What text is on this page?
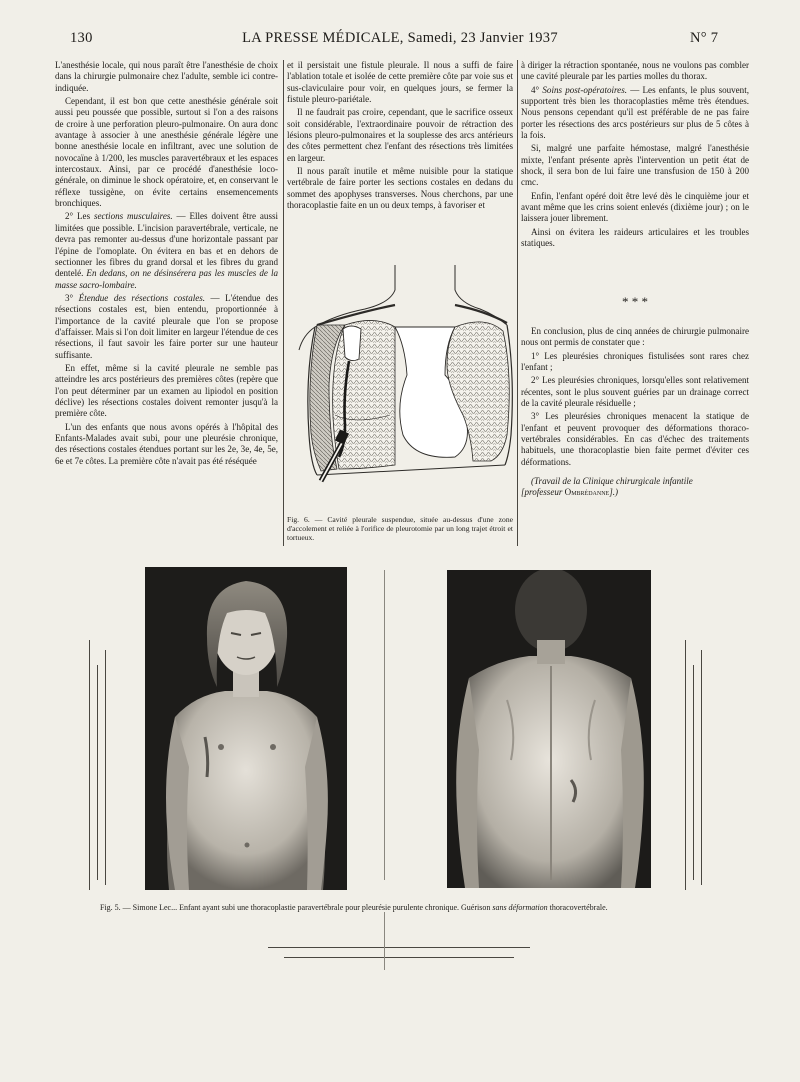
130	LA PRESSE MÉDICALE, Samedi, 23 Janvier 1937	N° 7

L'anesthésie locale, qui nous paraît être l'anesthésie de choix dans la chirurgie pulmonaire chez l'adulte, semble ici contre-indiquée.

Cependant, il est bon que cette anesthésie générale soit aussi peu poussée que possible, surtout si l'on a des raisons de croire à une perforation pleuro-pulmonaire. On aura donc avantage à associer à une anesthésie générale légère une bonne anesthésie locale en infiltrant, avec une solution de novocaïne à 1/200, les muscles paravertébraux et les espaces intercostaux. Ainsi, par ce procédé d'anesthésie loco-générale, on diminue le shock opératoire, et, en conservant le réflexe tussigène, on évite certains ensemencements bronchiques.

2° Les sections musculaires. — Elles doivent être aussi limitées que possible. L'incision paravertébrale, verticale, ne devra pas remonter au-dessus d'une horizontale passant par l'épine de l'omoplate. On évitera en bas et en dehors de sectionner les fibres du grand dorsal et les fibres du grand dentelé. En dedans, on ne désinsérera pas les muscles de la masse sacro-lombaire.

3° Étendue des résections costales. — L'étendue des résections costales est, bien entendu, proportionnée à l'importance de la cavité pleurale que l'on se propose d'affaisser. Mais si l'on doit limiter en largeur l'étendue de ces résections, il faut savoir les faire porter sur une hauteur suffisante.

En effet, même si la cavité pleurale ne semble pas atteindre les arcs postérieurs des premières côtes (repère que l'on peut déterminer par un examen au lipiodol en position déclive) les résections costales doivent remonter jusqu'à la première côte.

L'un des enfants que nous avons opérés à l'hôpital des Enfants-Malades avait subi, pour une pleurésie chronique, des résections costales étendues portant sur les 2e, 3e, 4e, 5e, 6e et 7e côtes. La première côte n'avait pas été réséquée

et il persistait une fistule pleurale. Il nous a suffi de faire l'ablation totale et isolée de cette première côte par voie sus et sus-claviculaire pour voir, en quelques jours, se fermer la fistule pleuro-pariétale.

Il ne faudrait pas croire, cependant, que le sacrifice osseux soit considérable, l'extraordinaire pouvoir de rétraction des lésions pleuro-pulmonaires et la souplesse des arcs antérieurs des côtes permettent chez l'enfant des résections très limitées en largeur.

Il nous paraît inutile et même nuisible pour la statique vertébrale de faire porter les sections costales en dedans du sommet des apophyses transverses. Nous cherchons, par une thoracoplastie faite en un ou deux temps, à favoriser et

Fig. 6. — Cavité pleurale suspendue, située au-dessus d'une zone d'accolement et reliée à l'orifice de pleurotomie par un long trajet étroit et tortueux.

à diriger la rétraction spontanée, nous ne voulons pas combler une cavité pleurale par les parties molles du thorax.

4° Soins post-opératoires. — Les enfants, le plus souvent, supportent très bien les thoracoplasties même très étendues. Nous pensons cependant qu'il est préférable de ne pas faire porter les résections des arcs postérieurs sur plus de 5 côtes à la fois.

Si, malgré une parfaite hémostase, malgré l'anesthésie mixte, l'enfant présente après l'intervention un petit état de shock, il sera bon de lui faire une transfusion de 150 à 200 cmc.

Enfin, l'enfant opéré doit être levé dès le cinquième jour et avant même que les crins soient enlevés (dixième jour) ; on le laissera jouer librement.

Ainsi on évitera les raideurs articulaires et les troubles statiques.

* * *

En conclusion, plus de cinq années de chirurgie pulmonaire nous ont permis de constater que :

1° Les pleurésies chroniques fistulisées sont rares chez l'enfant ;

2° Les pleurésies chroniques, lorsqu'elles sont relativement récentes, sont le plus souvent guéries par un drainage correct de la cavité pleurale résiduelle ;

3° Les pleurésies chroniques menacent la statique de l'enfant et peuvent provoquer des déformations thoraco-vertébrales considérables. En cas d'échec des traitements habituels, une thoracoplastie bien faite permet d'éviter ces déformations.

(Travail de la Clinique chirurgicale infantile
[professeur Ombrédanne].)

Fig. 5. — Simone Lec... Enfant ayant subi une thoracoplastie paravertébrale pour pleurésie purulente chronique. Guérison sans déformation thoracovertébrale.
